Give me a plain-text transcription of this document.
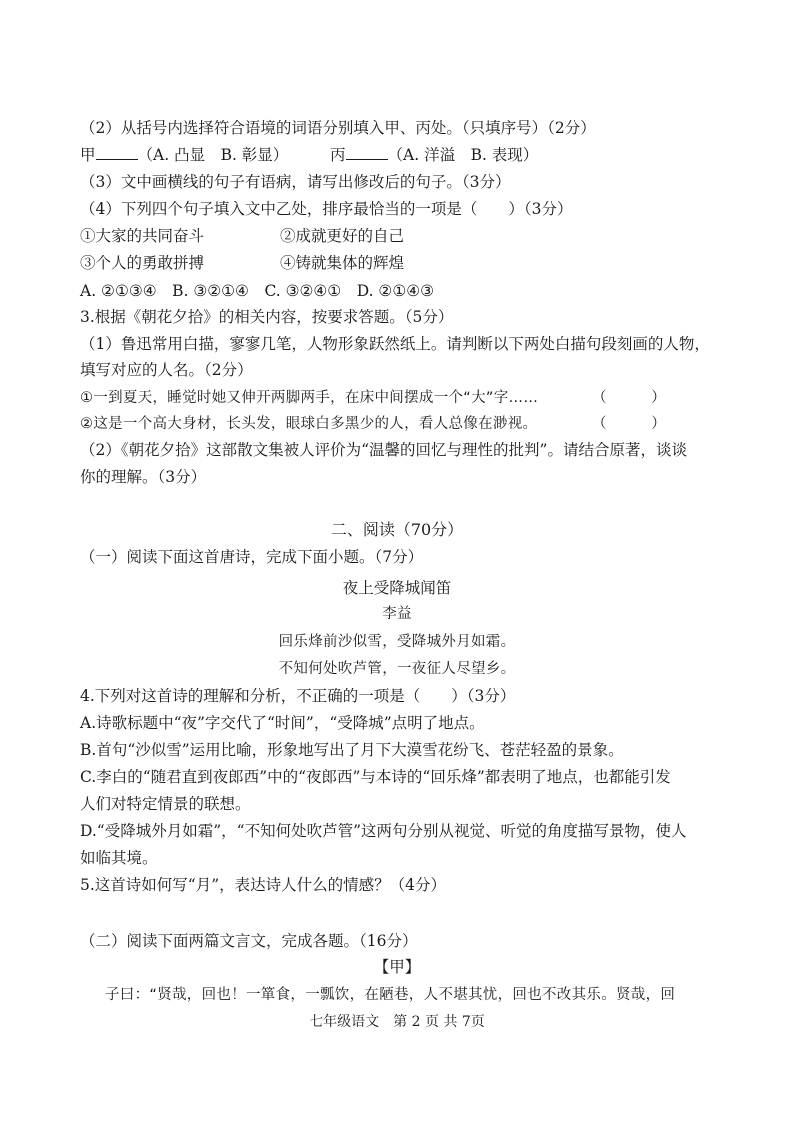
（2）从括号内选择符合语境的词语分别填入甲、丙处。（只填序号）（2分）
甲	（A. 凸显　B. 彰显）	丙	（A. 洋溢　B. 表现）
（3）文中画横线的句子有语病，请写出修改后的句子。（3分）
（4）下列四个句子填入文中乙处，排序最恰当的一项是（　　）（3分）
①大家的共同奋斗	②成就更好的自己
③个人的勇敢拼搏	④铸就集体的辉煌
A. ②①③④　B. ③②①④　C. ③②④①　D. ②①④③
3.根据《朝花夕拾》的相关内容，按要求答题。（5分）
（1）鲁迅常用白描，寥寥几笔，人物形象跃然纸上。请判断以下两处白描句段刻画的人物，
填写对应的人名。（2分）
①一到夏天，睡觉时她又伸开两脚两手，在床中间摆成一个“大”字……	（　　　）
②这是一个高大身材，长头发，眼球白多黑少的人，看人总像在渺视。	（　　　）
（2）《朝花夕拾》这部散文集被人评价为“温馨的回忆与理性的批判”。请结合原著，谈谈
你的理解。（3分）
二、阅读（70分）
（一）阅读下面这首唐诗，完成下面小题。（7分）
夜上受降城闻笛
李益
回乐烽前沙似雪，受降城外月如霜。
不知何处吹芦管，一夜征人尽望乡。
4.下列对这首诗的理解和分析，不正确的一项是（　　）（3分）
A.诗歌标题中“夜”字交代了“时间”，“受降城”点明了地点。
B.首句“沙似雪”运用比喻，形象地写出了月下大漠雪花纷飞、苍茫轻盈的景象。
C.李白的“随君直到夜郎西”中的“夜郎西”与本诗的“回乐烽”都表明了地点，也都能引发
人们对特定情景的联想。
D.“受降城外月如霜”，“不知何处吹芦管”这两句分别从视觉、听觉的角度描写景物，使人
如临其境。
5.这首诗如何写“月”，表达诗人什么的情感？（4分）
（二）阅读下面两篇文言文，完成各题。（16分）
【甲】
子曰：“贤哉，回也！一箪食，一瓢饮，在陋巷，人不堪其忧，回也不改其乐。贤哉，回
七年级语文　第 2 页 共 7页
